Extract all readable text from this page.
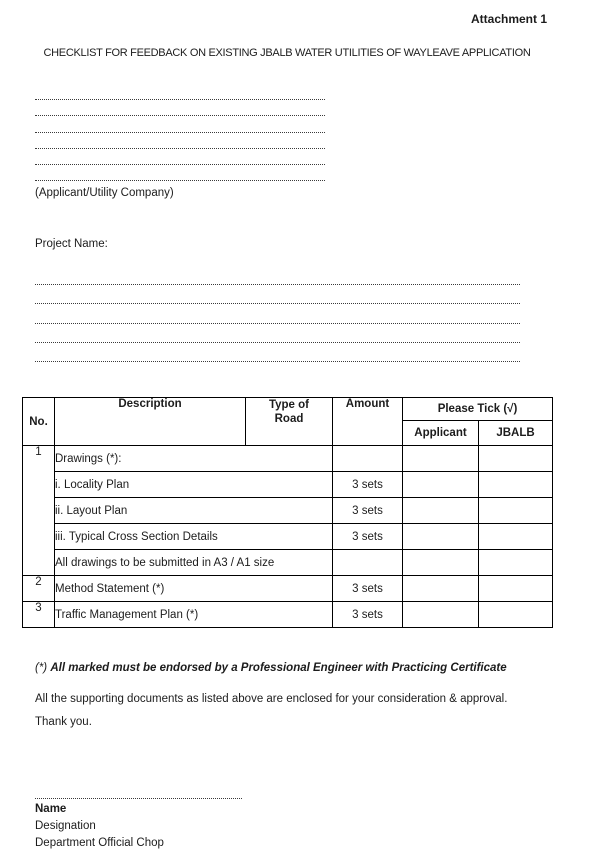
Attachment 1
CHECKLIST FOR FEEDBACK ON EXISTING JBALB WATER UTILITIES OF WAYLEAVE APPLICATION
(Applicant/Utility Company)
Project Name:
No.	Description	Type of Road	Amount	Please Tick (√)	
				Applicant	JBALB
1	Drawings (*):				
	i. Locality Plan		3 sets		
	ii. Layout Plan		3 sets		
	iii. Typical Cross Section Details		3 sets		
	All drawings to be submitted in A3 / A1 size				
2	Method Statement (*)		3 sets		
3	Traffic Management Plan (*)		3 sets		
(*) All marked must be endorsed by a Professional Engineer with Practicing Certificate
All the supporting documents as listed above are enclosed for your consideration & approval.
Thank you.
Name
Designation
Department Official Chop
